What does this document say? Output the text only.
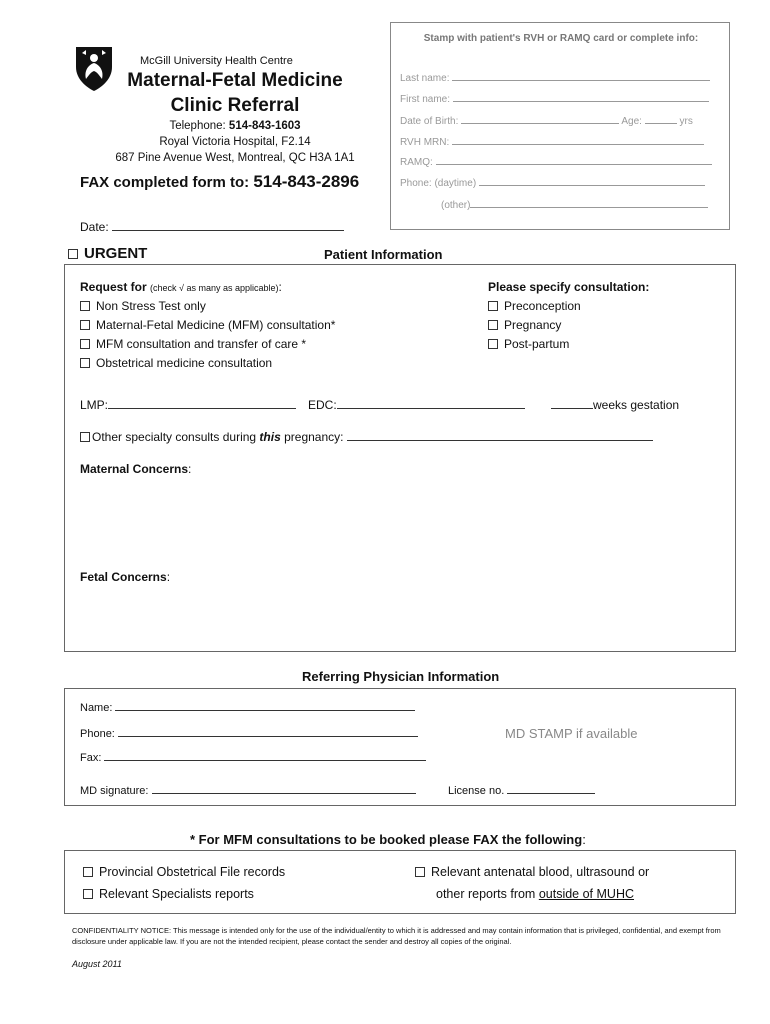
McGill University Health Centre
Maternal-Fetal Medicine
Clinic Referral
Telephone: 514-843-1603
Royal Victoria Hospital, F2.14
687 Pine Avenue West, Montreal, QC H3A 1A1
FAX completed form to: 514-843-2896
Date:
Stamp with patient's RVH or RAMQ card or complete info:
Last name:
First name:
Date of Birth:	Age:	yrs
RVH MRN:
RAMQ:
Phone: (daytime)
(other)
URGENT	Patient Information
Request for (check √ as many as applicable):
Non Stress Test only
Maternal-Fetal Medicine (MFM) consultation*
MFM consultation and transfer of care *
Obstetrical medicine consultation
Please specify consultation:
Preconception
Pregnancy
Post-partum
LMP:	EDC:	weeks gestation
Other specialty consults during this pregnancy:
Maternal Concerns:
Fetal Concerns:
Referring Physician Information
Name:
Phone:
Fax:
MD signature:	License no.
MD STAMP if available
* For MFM consultations to be booked please FAX the following:
Provincial Obstetrical File records
Relevant Specialists reports
Relevant antenatal blood, ultrasound or
other reports from outside of MUHC
CONFIDENTIALITY NOTICE: This message is intended only for the use of the individual/entity to which it is addressed and may contain information that is privileged, confidential, and exempt from disclosure under applicable law. If you are not the intended recipient, please contact the sender and destroy all copies of the original.
August 2011
